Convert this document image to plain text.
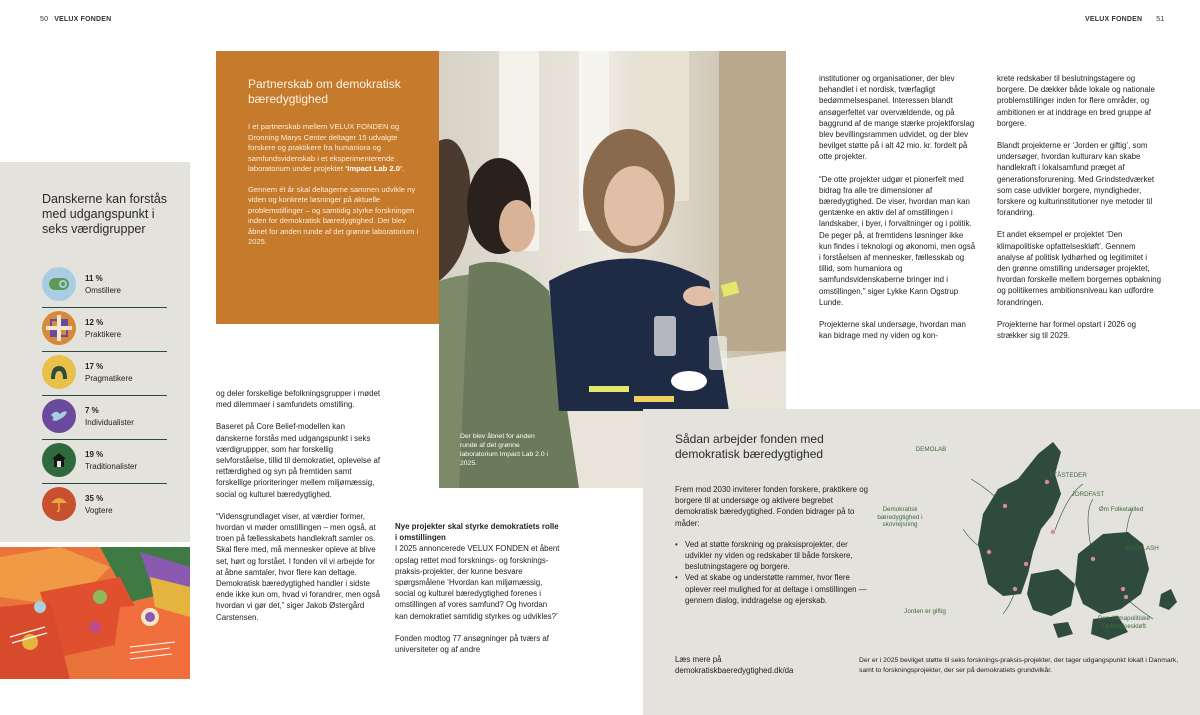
50 VELUX FONDEN	VELUX FONDEN 51
Danskerne kan forstås med udgangspunkt i seks værdigrupper
11 %
Omstillere
12 %
Praktikere
17 %
Pragmatikere
7 %
Individualister
19 %
Traditionalister
35 %
Vogtere
Partnerskab om demokratisk bæredygtighed

I et partnerskab mellem VELUX FONDEN og Dronning Marys Center deltager 15 udvalgte forskere og praktikere fra humaniora og samfundsvidenskab i et eksperimenterende laboratorium under projektet ‘Impact Lab 2.0’.

Gennem ét år skal deltagerne sammen udvikle ny viden og konkrete løsninger på aktuelle problemstillinger – og samtidig styrke forskningen inden for demokratisk bæredygtighed. Der blev åbnet for anden runde af det grønne laboratorium i 2025.

Der blev åbnet for anden runde af det grønne laboratorium Impact Lab 2.0 i 2025.

og deler forskellige befolkningsgrupper i mødet med dilemmaer i samfundets omstilling.

Baseret på Core Belief-modellen kan danskerne forstås med udgangspunkt i seks værdigruppper, som har forskellig selvforståelse, tillid til demokratiet, oplevelse af retfærdighed og syn på fremtiden samt forskellige prioriteringer mellem miljømæssig, social og kulturel bæredygtighed.

“Vidensgrundlaget viser, at værdier former, hvordan vi møder omstillingen – men også, at troen på fællesskabets handlekraft samler os. Skal flere med, må mennesker opleve at blive set, hørt og forstået. I fonden vil vi arbejde for at åbne samtaler, hvor flere kan deltage. Demokratisk bæredygtighed handler i sidste ende ikke kun om, hvad vi forandrer, men også hvordan vi gør det,” siger Jakob Østergård Carstensen.

Nye projekter skal styrke demokratiets rolle i omstillingen

I 2025 annoncerede VELUX FONDEN et åbent opslag rettet mod forsknings- og forsknings-praksis-projekter, der kunne besvare spørgsmålene ‘Hvordan kan miljømæssig, social og kulturel bæredygtighed forenes i omstillingen af vores samfund? Og hvordan kan demokratiet samtidig styrkes og udvikles?’

Fonden modtog 77 ansøgninger på tværs af universiteter og af andre

institutioner og organisationer, der blev behandlet i et nordisk, tværfagligt bedømmelsespanel. Interessen blandt ansøgerfeltet var overvældende, og på baggrund af de mange stærke projektforslag blev bevillingsrammen udvidet, og der blev bevilget støtte på i alt 42 mio. kr. fordelt på otte projekter.

“De otte projekter udgør et pionerfelt med bidrag fra alle tre dimensioner af bæredygtighed. De viser, hvordan man kan gentænke en aktiv del af omstillingen i landskaber, i byer, i forvaltninger og i politik. De peger på, at fremtidens løsninger ikke kun findes i teknologi og økonomi, men også i forståelsen af mennesker, fællesskab og tillid, som humaniora og samfundsvidenskaberne bringer ind i omstillingen,” siger Lykke Kann Ogstrup Lunde.

Projekterne skal undersøge, hvordan man kan bidrage med ny viden og kon-

krete redskaber til beslutningstagere og borgere. De dækker både lokale og nationale problemstillinger inden for flere områder, og ambitionen er at inddrage en bred gruppe af borgere.

Blandt projekterne er ‘Jorden er giftig’, som undersøger, hvordan kulturarv kan skabe handlekraft i lokalsamfund præget af generationsforurening. Med Grindstedværket som case udvikler borgere, myndigheder, forskere og kulturinstitutioner nye metoder til forandring.

Et andet eksempel er projektet ‘Den klimapolitiske opfattelseskløft’. Gennem analyse af politisk lydhørhed og legitimitet i den grønne omstilling undersøger projektet, hvordan forskelle mellem borgernes opbakning og politikernes ambitionsniveau kan udfordre forandringen.

Projekterne har formel opstart i 2026 og strækker sig til 2029.

Sådan arbejder fonden med demokratisk bæredygtighed
Frem mod 2030 inviterer fonden forskere, praktikere og borgere til at undersøge og aktivere begrebet demokratisk bæredygtighed. Fonden bidrager på to måder:
• Ved at støtte forskning og praksisprojekter, der udvikler ny viden og redskaber til både forskere, beslutningstagere og borgere.
• Ved at skabe og understøtte rammer, hvor flere oplever reel mulighed for at deltage i omstillingen — gennem dialog, inddragelse og ejerskab.
Læs mere på
demokratiskbaeredygtighed.dk/da
DEMOLAB
STÅSTEDER
JORDFAST
Øm Folketælled
Demokratisk bæredygtighed i skovrejsning
BACKLASH
Jorden er giftig
Den Klimapolitiske Opfattelseskløft
Der er i 2025 bevilget støtte til seks forsknings-praksis-projekter, der tager udgangspunkt lokalt i Danmark, samt to forskningsprojekter, der ser på demokratiets grundvilkår.
